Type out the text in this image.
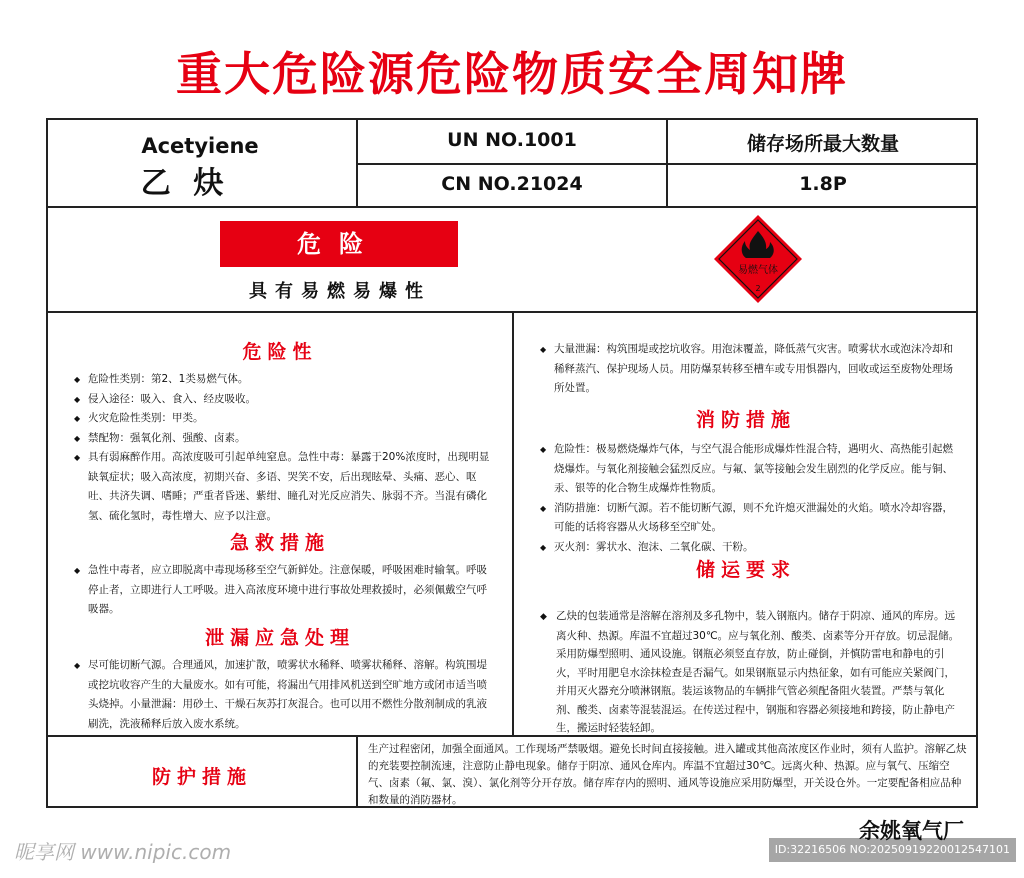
重大危险源危险物质安全周知牌
Acetyiene
乙 炔
UN NO.1001
CN NO.21024
储存场所最大数量
1.8P
危险
具有易燃易爆性
易燃气体
2
危险性

◆ 危险性类别：第2、1类易燃气体。

◆ 侵入途径：吸入、食入、经皮吸收。

◆ 火灾危险性类别：甲类。

◆ 禁配物：强氧化剂、强酸、卤素。

◆ 具有弱麻醉作用。高浓度吸可引起单纯窒息。急性中毒：暴露于20%浓度时，出现明显缺氧症状；吸入高浓度，初期兴奋、多语、哭笑不安，后出现眩晕、头痛、恶心、呕吐、共济失调、嗜睡；严重者昏迷、紫绀、瞳孔对光反应消失、脉弱不齐。当混有磷化氢、硫化氢时，毒性增大、应予以注意。

急救措施

◆ 急性中毒者，应立即脱离中毒现场移至空气新鲜处。注意保暖，呼吸困难时输氧。呼吸停止者，立即进行人工呼吸。进入高浓度环境中进行事故处理救援时，必须佩戴空气呼吸器。

泄漏应急处理

◆ 尽可能切断气源。合理通风，加速扩散，喷雾状水稀释、喷雾状稀释、溶解。构筑围堤或挖坑收容产生的大量废水。如有可能，将漏出气用排风机送到空旷地方或闭市适当喷头烧掉。小量泄漏：用砂土、干燥石灰苏打灰混合。也可以用不燃性分散剂制成的乳液刷洗，洗液稀释后放入废水系统。

◆ 大量泄漏：构筑围堤或挖坑收容。用泡沫覆盖，降低蒸气灾害。喷雾状水或泡沫冷却和稀释蒸汽、保护现场人员。用防爆泵转移至槽车或专用惧器内，回收或运至废物处理场所处置。

消防措施

◆ 危险性：极易燃烧爆炸气体，与空气混合能形成爆炸性混合特，遇明火、高热能引起燃烧爆炸。与氧化剂接触会猛烈反应。与氟、氯等接触会发生剧烈的化学反应。能与铜、汞、银等的化合物生成爆炸性物质。

◆ 消防措施：切断气源。若不能切断气源，则不允许熄灭泄漏处的火焰。喷水冷却容器，可能的话将容器从火场移至空旷处。

◆ 灭火剂：雾状水、泡沫、二氧化碳、干粉。

储运要求

◆ 乙炔的包装通常是溶解在溶剂及多孔物中，装入钢瓶内。储存于阴凉、通风的库房。远离火种、热源。库温不宜超过30℃。应与氧化剂、酸类、卤素等分开存放。切忌混储。采用防爆型照明、通风设施。钢瓶必须竖直存放，防止碰倒，并慎防雷电和静电的引火，平时用肥皂水涂抹检查是否漏气。如果钢瓶显示内热征象，如有可能应关紧阀门，并用灭火器充分喷淋钢瓶。装运该物品的车辆排气管必须配备阻火装置。严禁与氧化剂、酸类、卤素等混装混运。在传送过程中，钢瓶和容器必须接地和跨接，防止静电产生，搬运时轻装轻卸。

防护措施
生产过程密闭，加强全面通风。工作现场严禁吸烟。避免长时间直接接触。进入罐或其他高浓度区作业时，须有人监护。溶解乙炔的充装要控制流速，注意防止静电现象。储存于阴凉、通风仓库内。库温不宜超过30℃。远离火种、热源。应与氧气、压缩空气、卤素（氟、氯、溴）、氯化剂等分开存放。储存库存内的照明、通风等设施应采用防爆型，开关设仓外。一定要配备相应品种和数量的消防器材。
余姚氧气厂
昵享网 www.nipic.com	ID:32216506 NO:20250919220012547101
